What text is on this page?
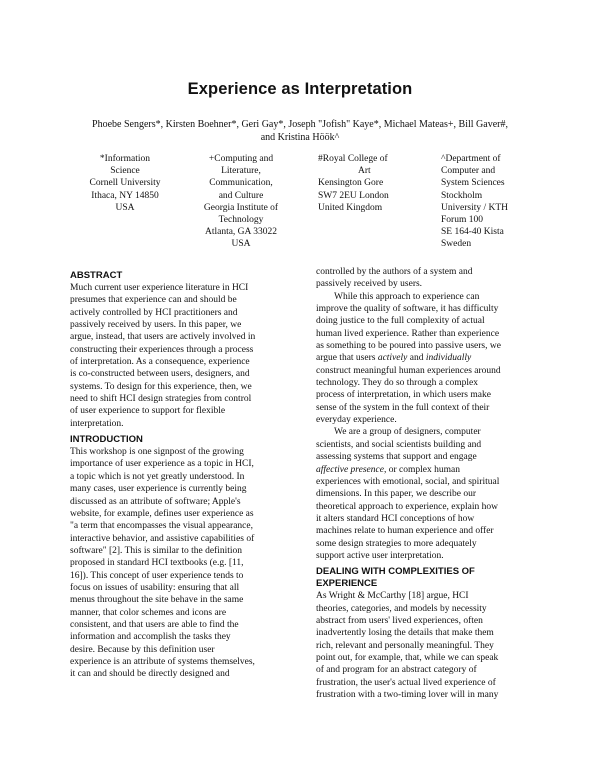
Experience as Interpretation
Phoebe Sengers*, Kirsten Boehner*, Geri Gay*, Joseph "Jofish" Kaye*, Michael Mateas+, Bill Gaver#,
and Kristina Höök^
*Information
Science
Cornell University
Ithaca, NY 14850
USA
+Computing and
Literature,
Communication,
and Culture
Georgia Institute of
Technology
Atlanta, GA 33022
USA
#Royal College of
Art
Kensington Gore
SW7 2EU London
United Kingdom
^Department of
Computer and
System Sciences
Stockholm
University / KTH
Forum 100
SE 164-40 Kista
Sweden
ABSTRACT
Much current user experience literature in HCI
presumes that experience can and should be
actively controlled by HCI practitioners and
passively received by users. In this paper, we
argue, instead, that users are actively involved in
constructing their experiences through a process
of interpretation. As a consequence, experience
is co-constructed between users, designers, and
systems. To design for this experience, then, we
need to shift HCI design strategies from control
of user experience to support for flexible
interpretation.
INTRODUCTION
This workshop is one signpost of the growing
importance of user experience as a topic in HCI,
a topic which is not yet greatly understood. In
many cases, user experience is currently being
discussed as an attribute of software; Apple's
website, for example, defines user experience as
"a term that encompasses the visual appearance,
interactive behavior, and assistive capabilities of
software" [2]. This is similar to the definition
proposed in standard HCI textbooks (e.g. [11,
16]). This concept of user experience tends to
focus on issues of usability: ensuring that all
menus throughout the site behave in the same
manner, that color schemes and icons are
consistent, and that users are able to find the
information and accomplish the tasks they
desire. Because by this definition user
experience is an attribute of systems themselves,
it can and should be directly designed and
controlled by the authors of a system and
passively received by users.
While this approach to experience can
improve the quality of software, it has difficulty
doing justice to the full complexity of actual
human lived experience. Rather than experience
as something to be poured into passive users, we
argue that users actively and individually
construct meaningful human experiences around
technology. They do so through a complex
process of interpretation, in which users make
sense of the system in the full context of their
everyday experience.
We are a group of designers, computer
scientists, and social scientists building and
assessing systems that support and engage
affective presence, or complex human
experiences with emotional, social, and spiritual
dimensions. In this paper, we describe our
theoretical approach to experience, explain how
it alters standard HCI conceptions of how
machines relate to human experience and offer
some design strategies to more adequately
support active user interpretation.
DEALING WITH COMPLEXITIES OF
EXPERIENCE
As Wright & McCarthy [18] argue, HCI
theories, categories, and models by necessity
abstract from users' lived experiences, often
inadvertently losing the details that make them
rich, relevant and personally meaningful. They
point out, for example, that, while we can speak
of and program for an abstract category of
frustration, the user's actual lived experience of
frustration with a two-timing lover will in many
